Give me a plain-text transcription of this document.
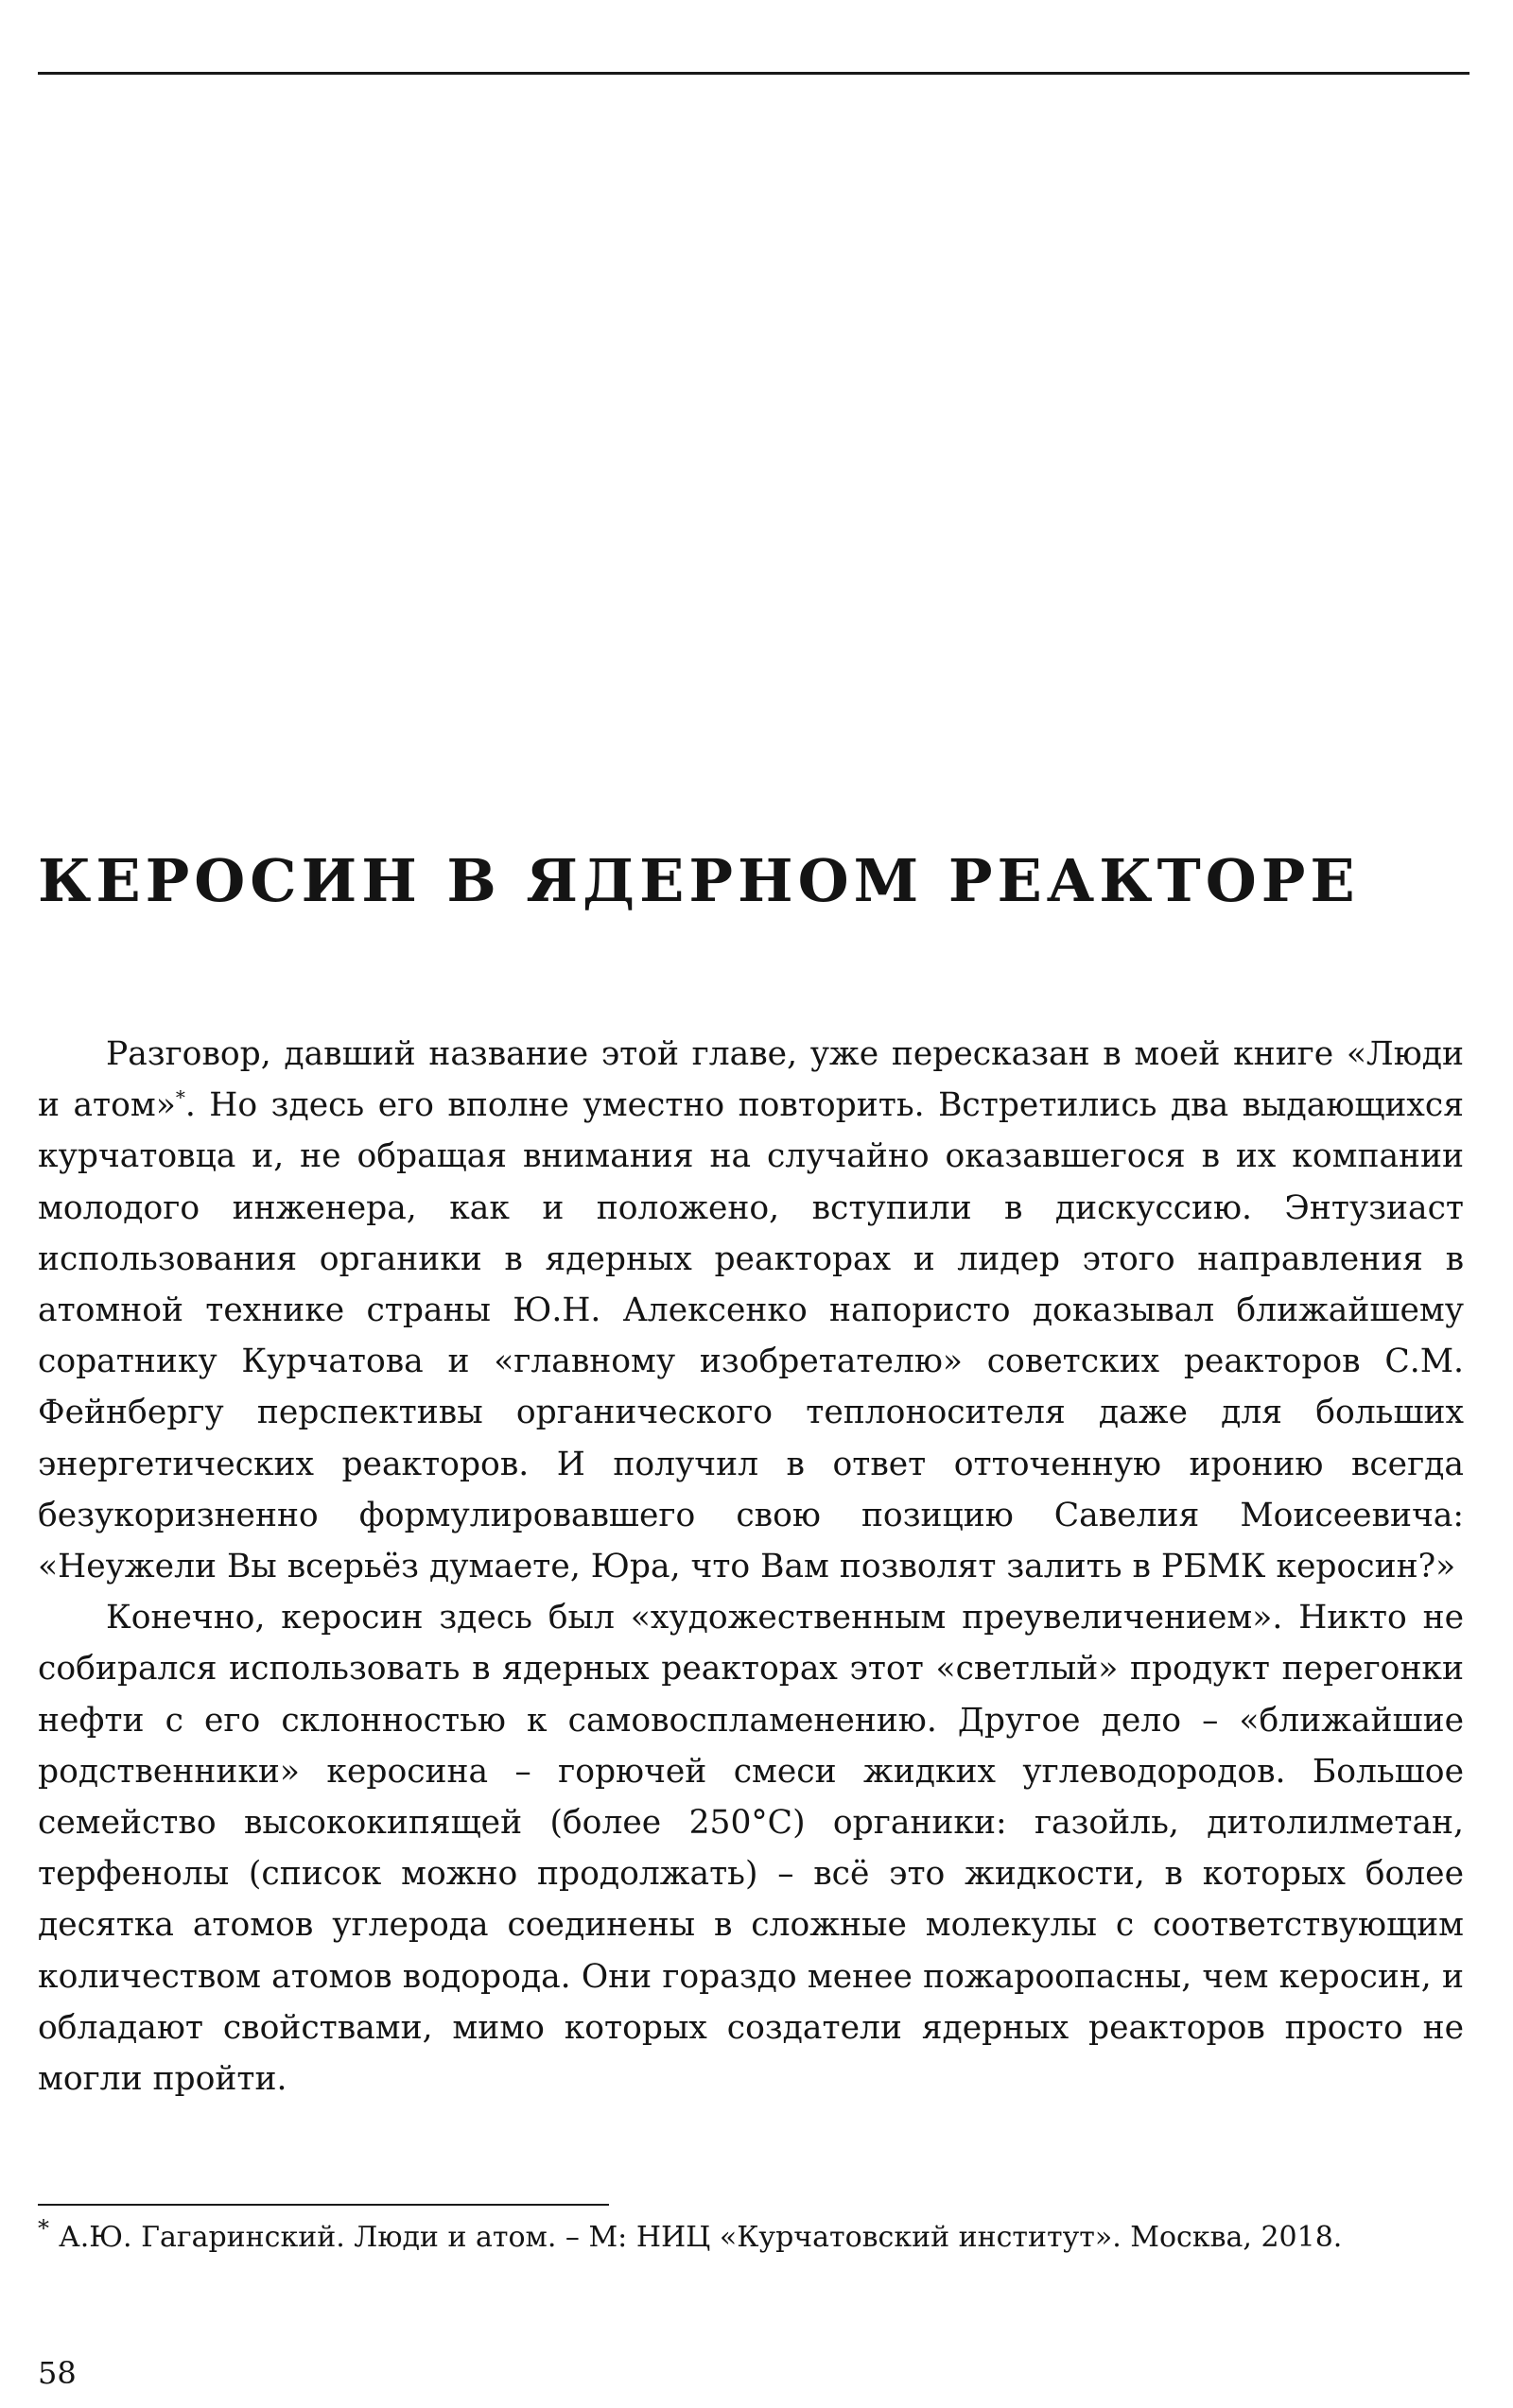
КЕРОСИН В ЯДЕРНОМ РЕАКТОРЕ

Разговор, давший название этой главе, уже пересказан в моей книге «Люди и атом»*. Но здесь его вполне уместно повторить. Встретились два выдающихся курчатовца и, не обращая внимания на случайно оказавшегося в их компании молодого инженера, как и положено, вступили в дискуссию. Энтузиаст использования органики в ядерных реакторах и лидер этого направления в атомной технике страны Ю.Н. Алексенко напористо доказывал ближайшему соратнику Курчатова и «главному изобретателю» советских реакторов С.М. Фейнбергу перспективы органического теплоносителя даже для больших энергетических реакторов. И получил в ответ отточенную иронию всегда безукоризненно формулировавшего свою позицию Савелия Моисеевича: «Неужели Вы всерьёз думаете, Юра, что Вам позволят залить в РБМК керосин?»

Конечно, керосин здесь был «художественным преувеличением». Никто не собирался использовать в ядерных реакторах этот «светлый» продукт перегонки нефти с его склонностью к самовоспламенению. Другое дело – «ближайшие родственники» керосина – горючей смеси жидких углеводородов. Большое семейство высококипящей (более 250°С) органики: газойль, дитолилметан, терфенолы (список можно продолжать) – всё это жидкости, в которых более десятка атомов углерода соединены в сложные молекулы с соответствующим количеством атомов водорода. Они гораздо менее пожароопасны, чем керосин, и обладают свойствами, мимо которых создатели ядерных реакторов просто не могли пройти.

* А.Ю. Гагаринский. Люди и атом. – М: НИЦ «Курчатовский институт». Москва, 2018.

58
